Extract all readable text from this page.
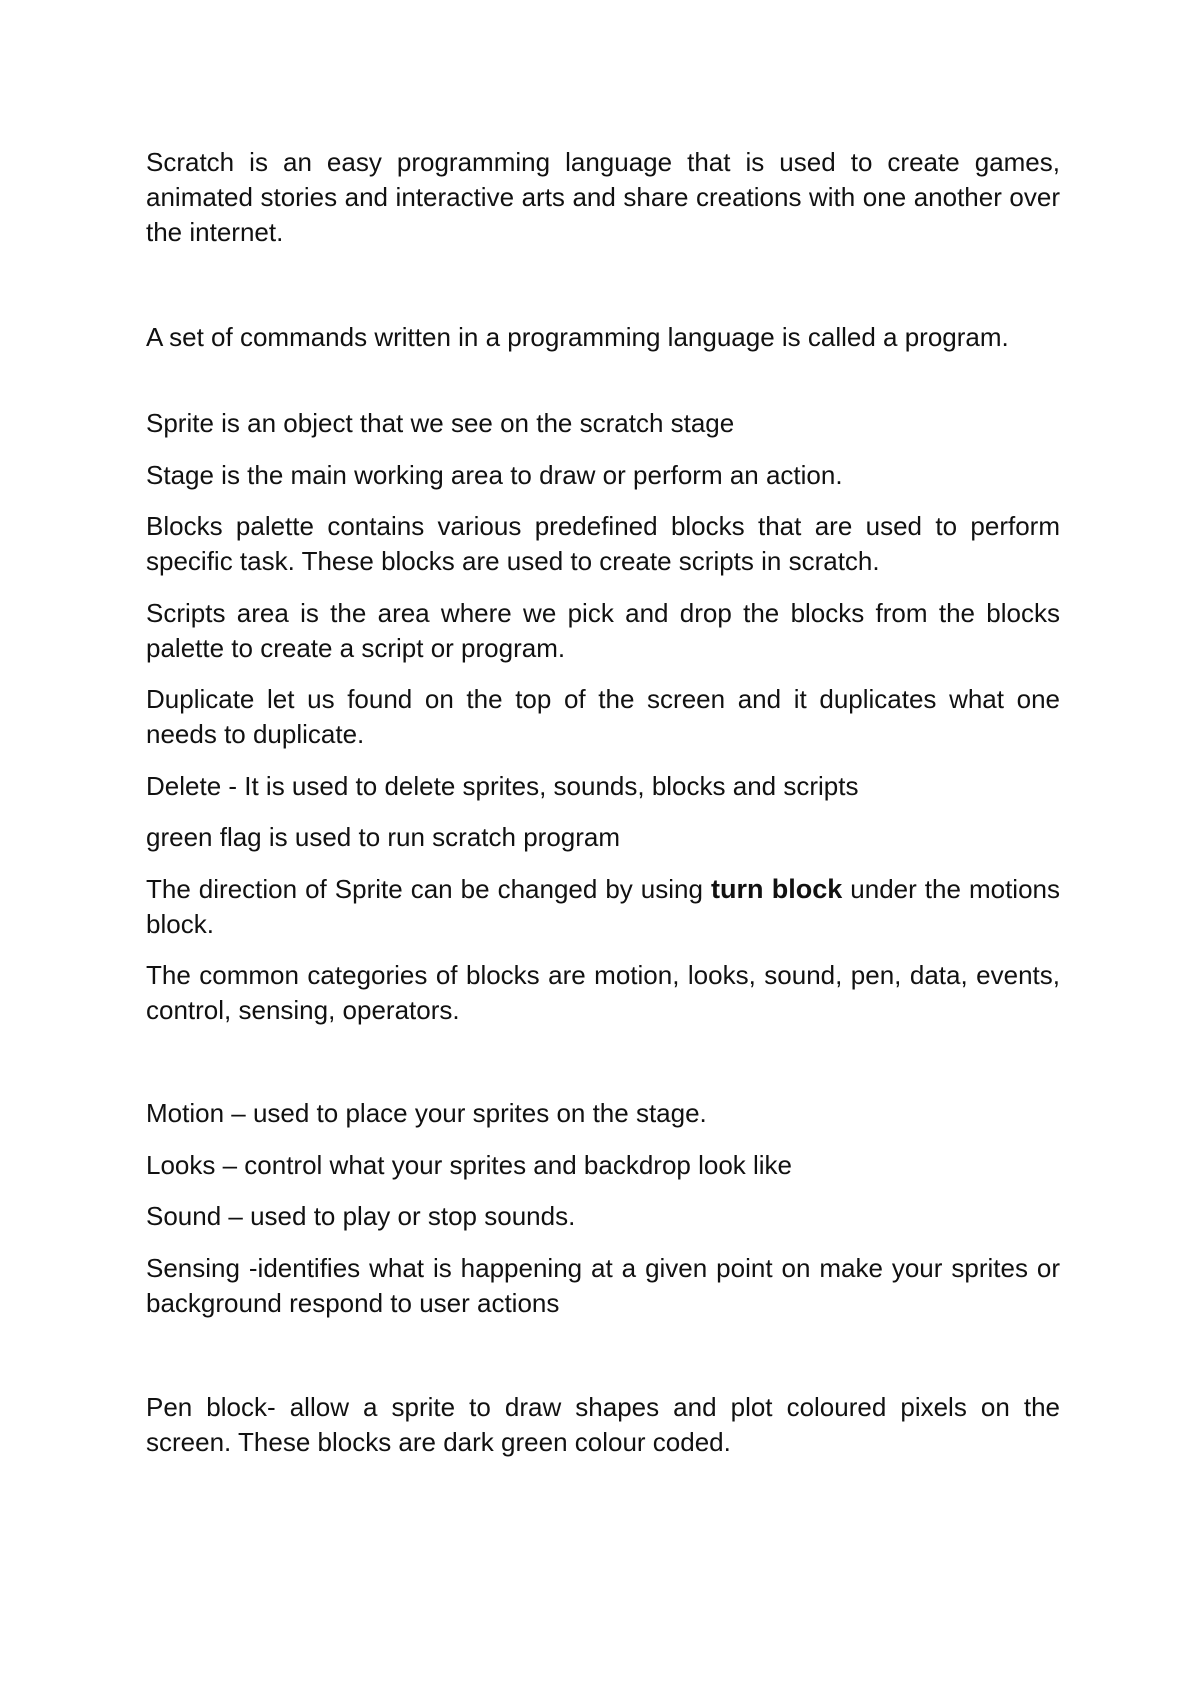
Scratch is an easy programming language that is used to create games, animated stories and interactive arts and share creations with one another over the internet.

A set of commands written in a programming language is called a program.

Sprite is an object that we see on the scratch stage

Stage is the main working area to draw or perform an action.

Blocks palette contains various predefined blocks that are used to perform specific task. These blocks are used to create scripts in scratch.

Scripts area is the area where we pick and drop the blocks from the blocks palette to create a script or program.

Duplicate let us found on the top of the screen and it duplicates what one needs to duplicate.

Delete - It is used to delete sprites, sounds, blocks and scripts

green flag is used to run scratch program

The direction of Sprite can be changed by using turn block under the motions block.

The common categories of blocks are motion, looks, sound, pen, data, events, control, sensing, operators.

Motion – used to place your sprites on the stage.

Looks – control what your sprites and backdrop look like

Sound – used to play or stop sounds.

Sensing -identifies what is happening at a given point on make your sprites or background respond to user actions

Pen block- allow a sprite to draw shapes and plot coloured pixels on the screen. These blocks are dark green colour coded.
